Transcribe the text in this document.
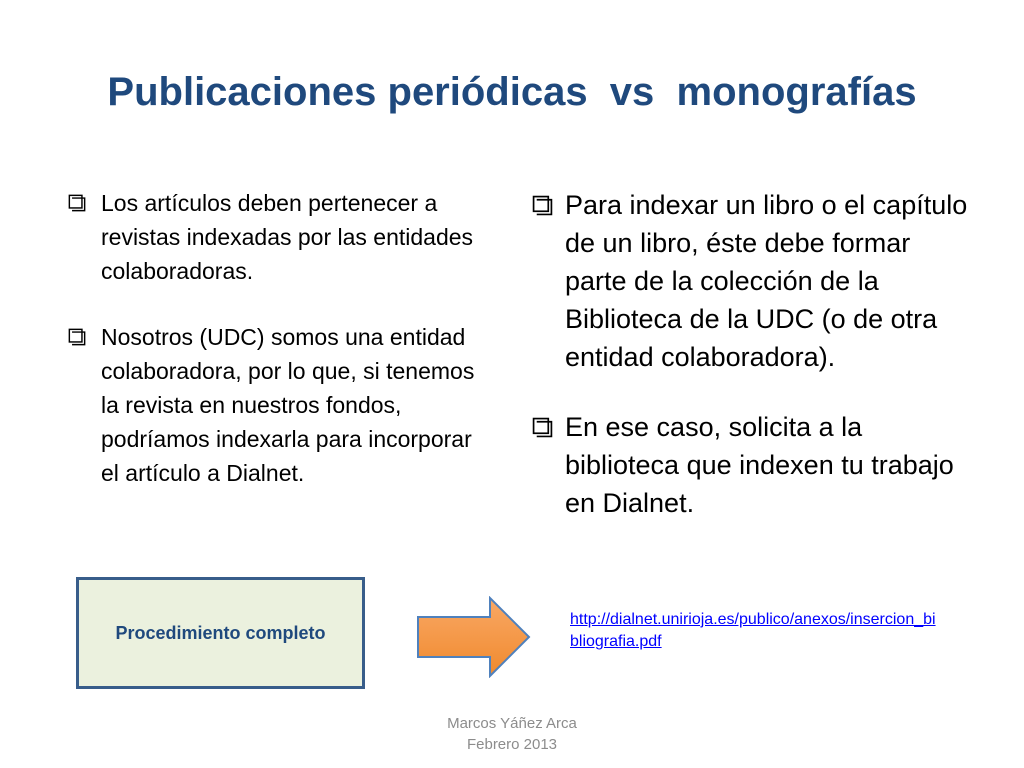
Publicaciones periódicas  vs  monografías
Los artículos deben pertenecer a revistas indexadas por las entidades colaboradoras.
Nosotros (UDC) somos una entidad colaboradora, por lo que, si tenemos la revista en nuestros fondos, podríamos indexarla para incorporar el artículo a Dialnet.
Para indexar un libro o el capítulo de un libro, éste debe formar parte de la colección de la Biblioteca de la UDC (o de otra entidad colaboradora).
En ese caso, solicita a la biblioteca que indexen tu trabajo en Dialnet.
Procedimiento completo
http://dialnet.unirioja.es/publico/anexos/insercion_bibliografia.pdf
Marcos Yáñez Arca
Febrero 2013
